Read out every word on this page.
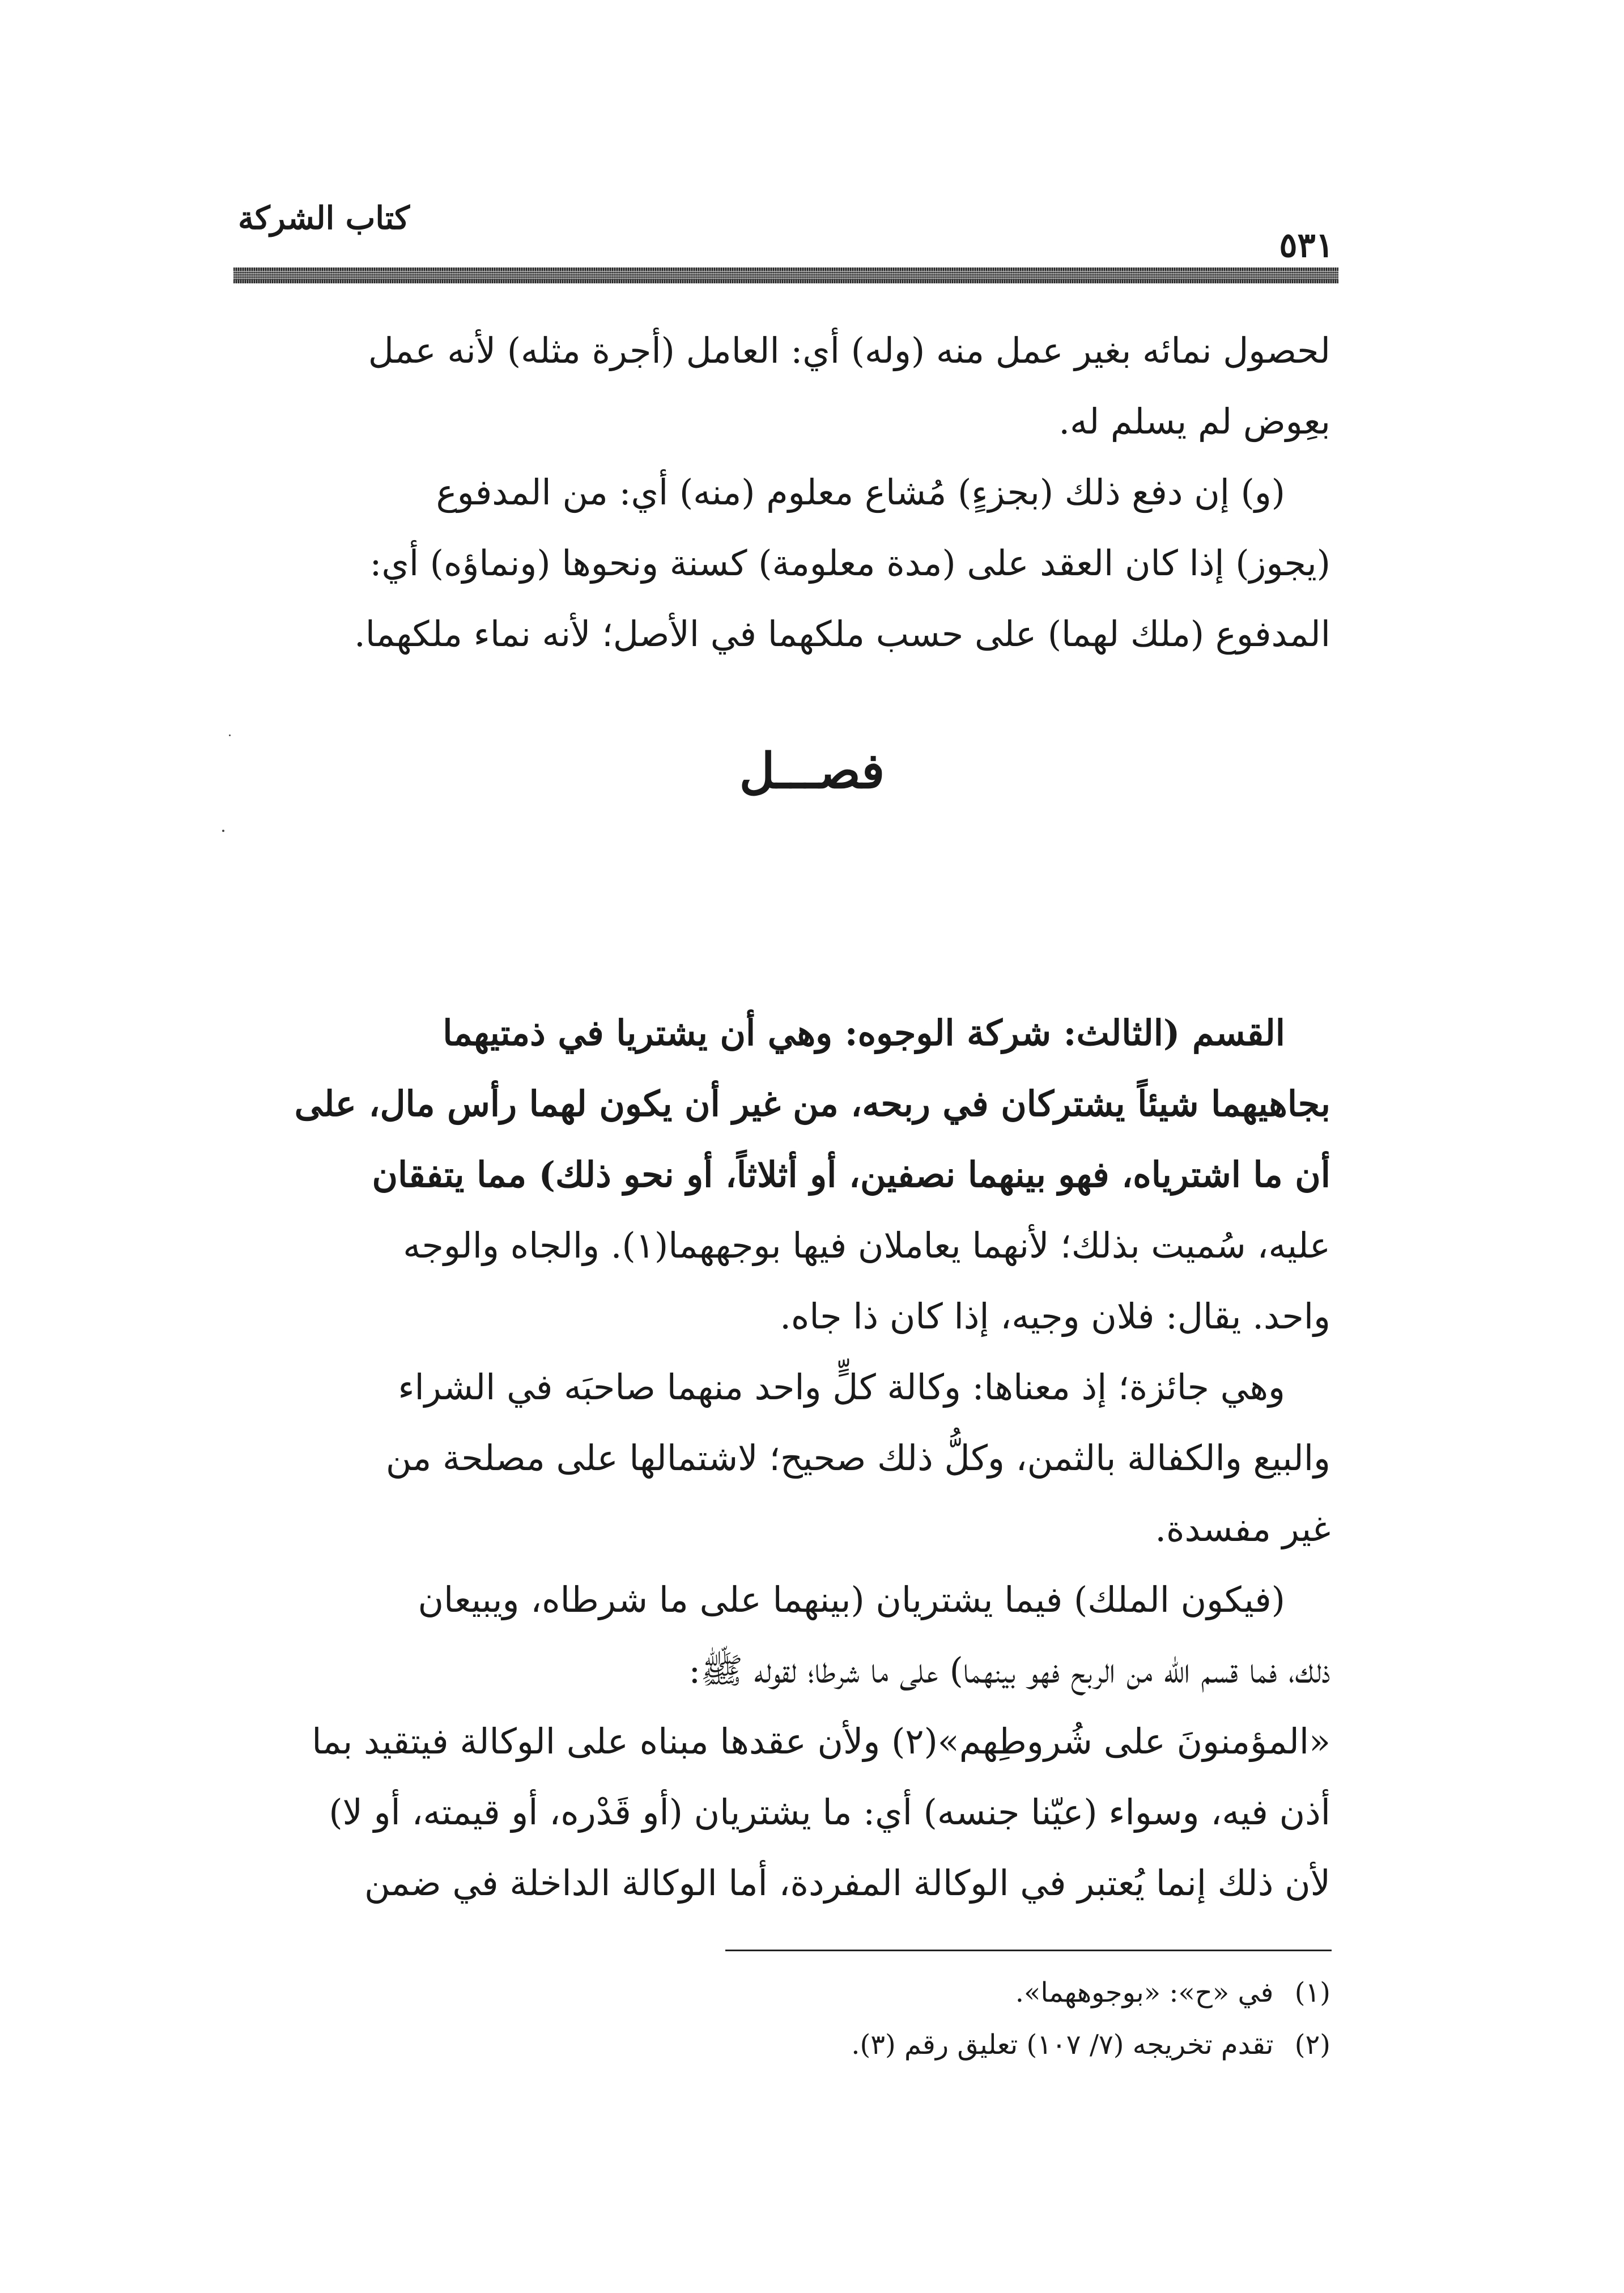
كتاب الشركة
٥٣١

لحصول نمائه بغير عمل منه (وله) أي: العامل (أجرة مثله) لأنه عمل
بعِوض لم يسلم له.

(و) إن دفع ذلك (بجزءٍ) مُشاع معلوم (منه) أي: من المدفوع
(يجوز) إذا كان العقد على (مدة معلومة) كسنة ونحوها (ونماؤه) أي:
المدفوع (ملك لهما) على حسب ملكهما في الأصل؛ لأنه نماء ملكهما.

فصـــل

القسم (الثالث: شركة الوجوه: وهي أن يشتريا في ذمتيهما
بجاهيهما شيئاً يشتركان في ربحه، من غير أن يكون لهما رأس مال، على
أن ما اشترياه، فهو بينهما نصفين، أو أثلاثاً، أو نحو ذلك) مما يتفقان
عليه، سُميت بذلك؛ لأنهما يعاملان فيها بوجههما(١). والجاه والوجه
واحد. يقال: فلان وجيه، إذا كان ذا جاه.

وهي جائزة؛ إذ معناها: وكالة كلٍّ واحد منهما صاحبَه في الشراء
والبيع والكفالة بالثمن، وكلُّ ذلك صحيح؛ لاشتمالها على مصلحة من
غير مفسدة.

(فيكون الملك) فيما يشتريان (بينهما على ما شرطاه، ويبيعان
ذلك، فما قسم الله من الربح فهو بينهما) على ما شرطا؛ لقوله ﷺ:
«المؤمنونَ على شُروطِهم»(٢) ولأن عقدها مبناه على الوكالة فيتقيد بما
أذن فيه، وسواء (عيّنا جنسه) أي: ما يشتريان (أو قَدْره، أو قيمته، أو لا)
لأن ذلك إنما يُعتبر في الوكالة المفردة، أما الوكالة الداخلة في ضمن

(١) في «ح»: «بوجوههما».

(٢) تقدم تخريجه (٧/ ١٠٧) تعليق رقم (٣).
